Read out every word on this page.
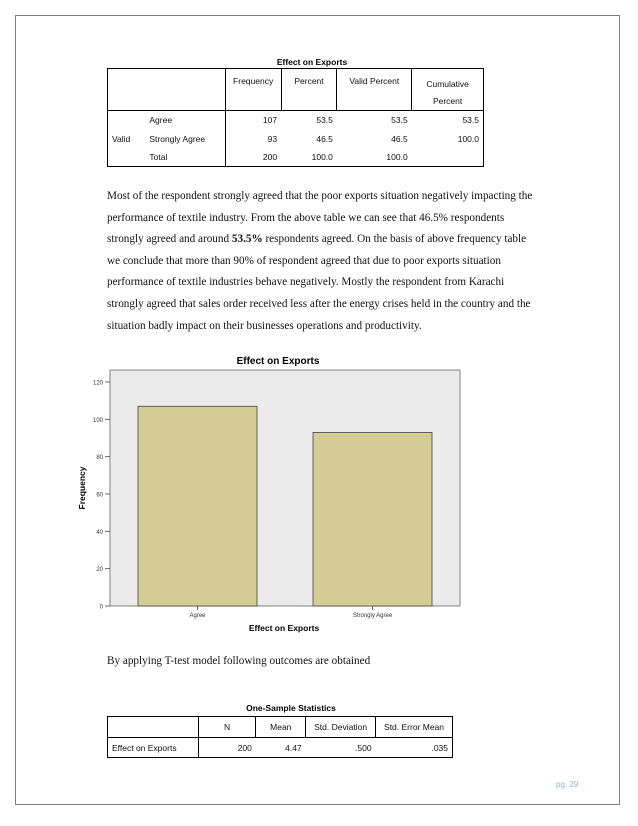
Effect on Exports
		Frequency	Percent	Valid Percent	Cumulative
Percent
Valid	Agree	107	53.5	53.5	53.5
	Strongly Agree	93	46.5	46.5	100.0
	Total	200	100.0	100.0	
Most of the respondent strongly agreed that the poor exports situation negatively impacting the
performance of textile industry. From the above table we can see that 46.5% respondents
strongly agreed and around 53.5% respondents agreed. On the basis of above frequency table
we conclude that more than 90% of respondent agreed that due to poor exports situation
performance of textile industries behave negatively. Mostly the respondent from Karachi
strongly agreed that sales order received less after the energy crises held in the country and the
situation badly impact on their businesses operations and productivity.
Effect on Exports
0
20
40
60
80
100
120
Agree	Strongly Agree
Effect on Exports
Frequency
By applying T-test model following outcomes are obtained
One-Sample Statistics
	N	Mean	Std. Deviation	Std. Error Mean
Effect on Exports	200	4.47	.500	.035
pg. 29
